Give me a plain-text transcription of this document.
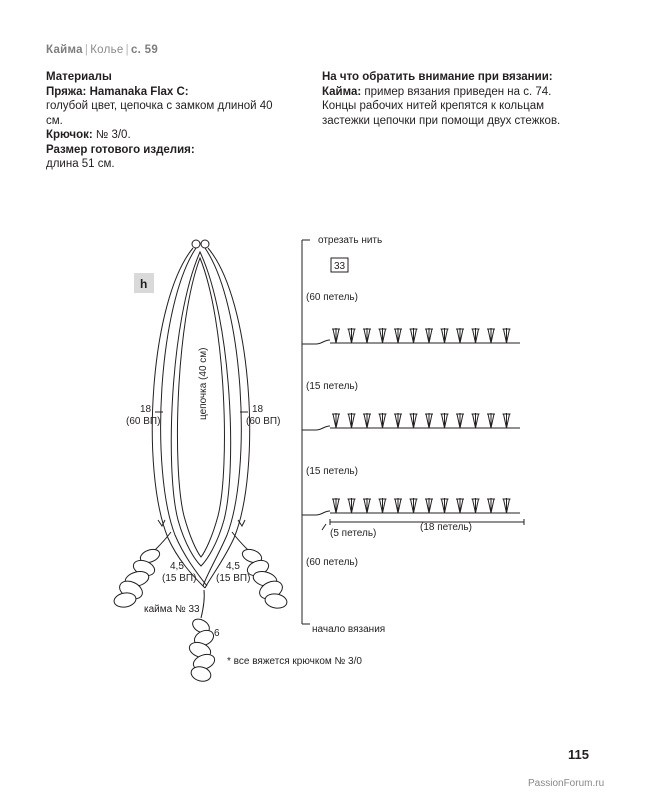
Кайма | Колье | с. 59

Материалы

Пряжа: Hamanaka Flax C:

голубой цвет, цепочка с замком длиной 40 см.

Крючок: № 3/0.

Размер готового изделия:

длина 51 см.

На что обратить внимание при вязании:

Кайма: пример вязания приведен на с. 74.

Концы рабочих нитей крепятся к кольцам

застежки цепочки при помощи двух стежков.

h
цепочка (40 см)
18
(60 ВП)
18
(60 ВП)
4,5
(15 ВП)
4,5
(15 ВП)
кайма № 33
6
* все вяжется крючком № 3/0
отрезать нить
33
(60 петель)
(15 петель)
(15 петель)
(18 петель)
(5 петель)
(60 петель)
начало вязания
115
PassionForum.ru
